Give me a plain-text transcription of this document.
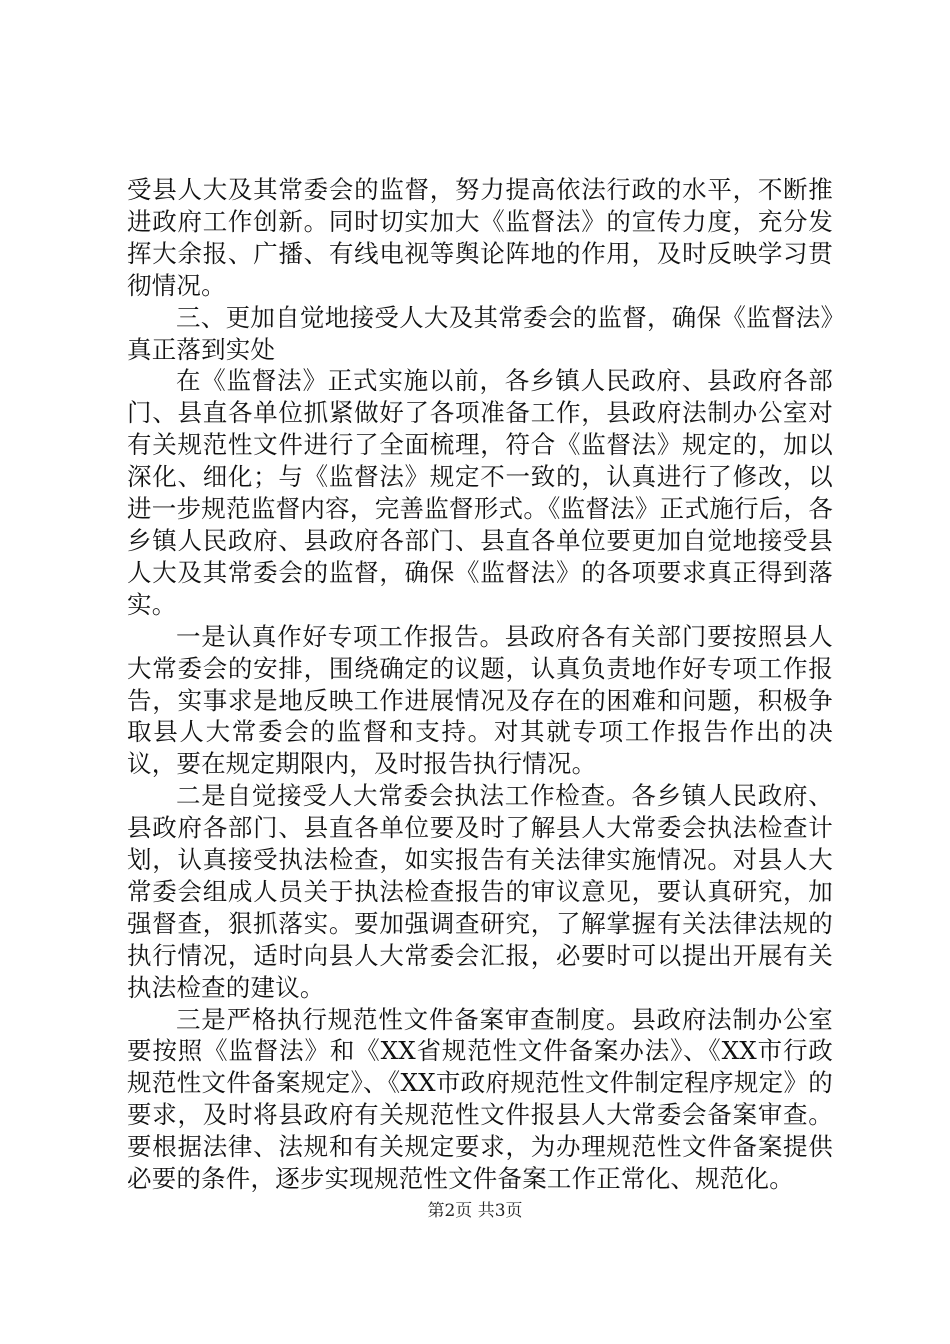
受县人大及其常委会的监督，努力提高依法行政的水平，不断推进政府工作创新。同时切实加大《监督法》的宣传力度，充分发挥大余报、广播、有线电视等舆论阵地的作用，及时反映学习贯彻情况。

三、更加自觉地接受人大及其常委会的监督，确保《监督法》真正落到实处

在《监督法》正式实施以前，各乡镇人民政府、县政府各部门、县直各单位抓紧做好了各项准备工作，县政府法制办公室对有关规范性文件进行了全面梳理，符合《监督法》规定的，加以深化、细化；与《监督法》规定不一致的，认真进行了修改，以进一步规范监督内容，完善监督形式。《监督法》正式施行后，各乡镇人民政府、县政府各部门、县直各单位要更加自觉地接受县人大及其常委会的监督，确保《监督法》的各项要求真正得到落实。

一是认真作好专项工作报告。县政府各有关部门要按照县人大常委会的安排，围绕确定的议题，认真负责地作好专项工作报告，实事求是地反映工作进展情况及存在的困难和问题，积极争取县人大常委会的监督和支持。对其就专项工作报告作出的决议，要在规定期限内，及时报告执行情况。

二是自觉接受人大常委会执法工作检查。各乡镇人民政府、县政府各部门、县直各单位要及时了解县人大常委会执法检查计划，认真接受执法检查，如实报告有关法律实施情况。对县人大常委会组成人员关于执法检查报告的审议意见，要认真研究，加强督查，狠抓落实。要加强调查研究，了解掌握有关法律法规的执行情况，适时向县人大常委会汇报，必要时可以提出开展有关执法检查的建议。

三是严格执行规范性文件备案审查制度。县政府法制办公室要按照《监督法》和《XX省规范性文件备案办法》、《XX市行政规范性文件备案规定》、《XX市政府规范性文件制定程序规定》的要求，及时将县政府有关规范性文件报县人大常委会备案审查。要根据法律、法规和有关规定要求，为办理规范性文件备案提供必要的条件，逐步实现规范性文件备案工作正常化、规范化。

第2页 共3页
